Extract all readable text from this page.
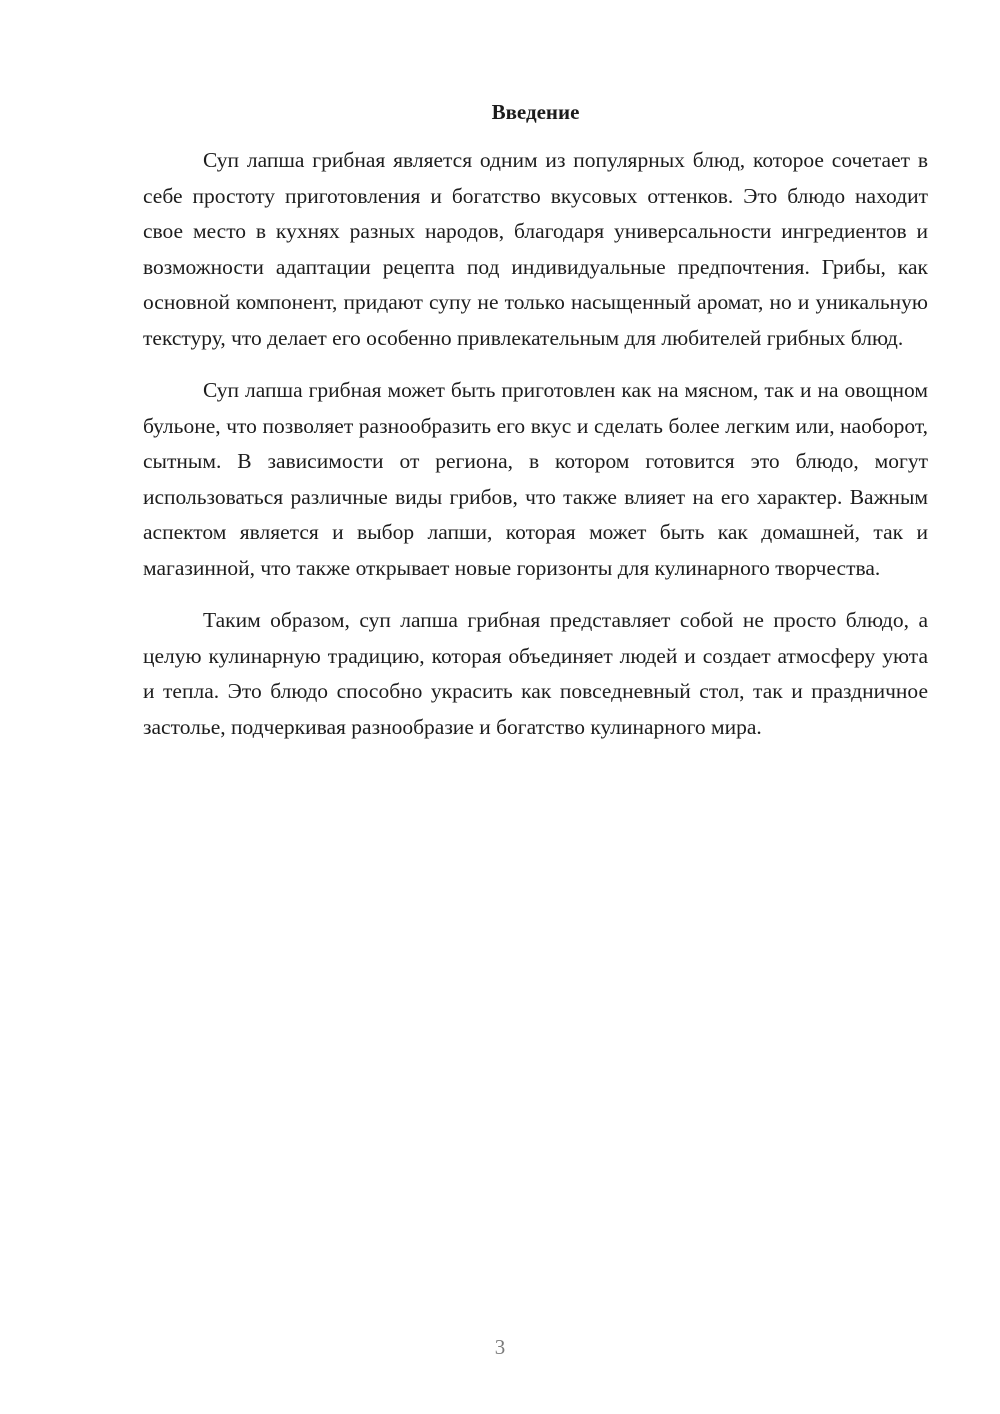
Введение

Суп лапша грибная является одним из популярных блюд, которое сочетает в себе простоту приготовления и богатство вкусовых оттенков. Это блюдо находит свое место в кухнях разных народов, благодаря универсальности ингредиентов и возможности адаптации рецепта под индивидуальные предпочтения. Грибы, как основной компонент, придают супу не только насыщенный аромат, но и уникальную текстуру, что делает его особенно привлекательным для любителей грибных блюд.

Суп лапша грибная может быть приготовлен как на мясном, так и на овощном бульоне, что позволяет разнообразить его вкус и сделать более легким или, наоборот, сытным. В зависимости от региона, в котором готовится это блюдо, могут использоваться различные виды грибов, что также влияет на его характер. Важным аспектом является и выбор лапши, которая может быть как домашней, так и магазинной, что также открывает новые горизонты для кулинарного творчества.

Таким образом, суп лапша грибная представляет собой не просто блюдо, а целую кулинарную традицию, которая объединяет людей и создает атмосферу уюта и тепла. Это блюдо способно украсить как повседневный стол, так и праздничное застолье, подчеркивая разнообразие и богатство кулинарного мира.

3
